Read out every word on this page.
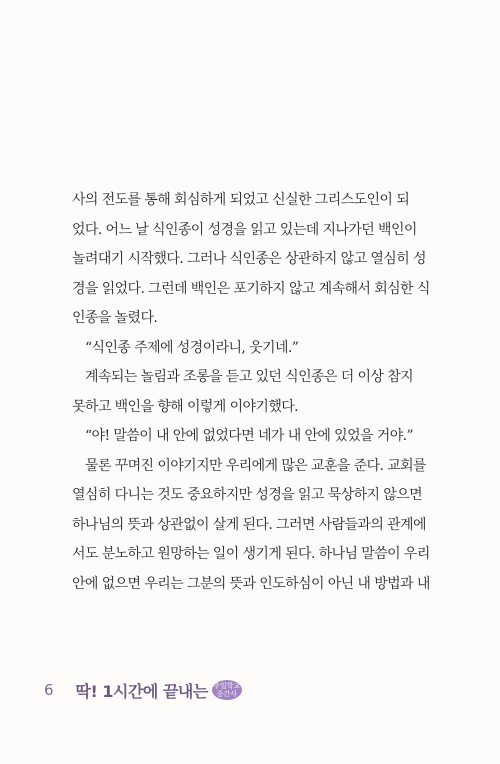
사의 전도를 통해 회심하게 되었고 신실한 그리스도인이 되

었다. 어느 날 식인종이 성경을 읽고 있는데 지나가던 백인이

놀려대기 시작했다. 그러나 식인종은 상관하지 않고 열심히 성

경을 읽었다. 그런데 백인은 포기하지 않고 계속해서 회심한 식

인종을 놀렸다.

“식인종 주제에 성경이라니, 웃기네.”

계속되는 놀림과 조롱을 듣고 있던 식인종은 더 이상 참지

못하고 백인을 향해 이렇게 이야기했다.

“야! 말씀이 내 안에 없었다면 네가 내 안에 있었을 거야.”

물론 꾸며진 이야기지만 우리에게 많은 교훈을 준다. 교회를

열심히 다니는 것도 중요하지만 성경을 읽고 묵상하지 않으면

하나님의 뜻과 상관없이 살게 된다. 그러면 사람들과의 관계에

서도 분노하고 원망하는 일이 생기게 된다. 하나님 말씀이 우리

안에 없으면 우리는 그분의 뜻과 인도하심이 아닌 내 방법과 내

6 딱! 1시간에 끝내는 주일학교 중간사
